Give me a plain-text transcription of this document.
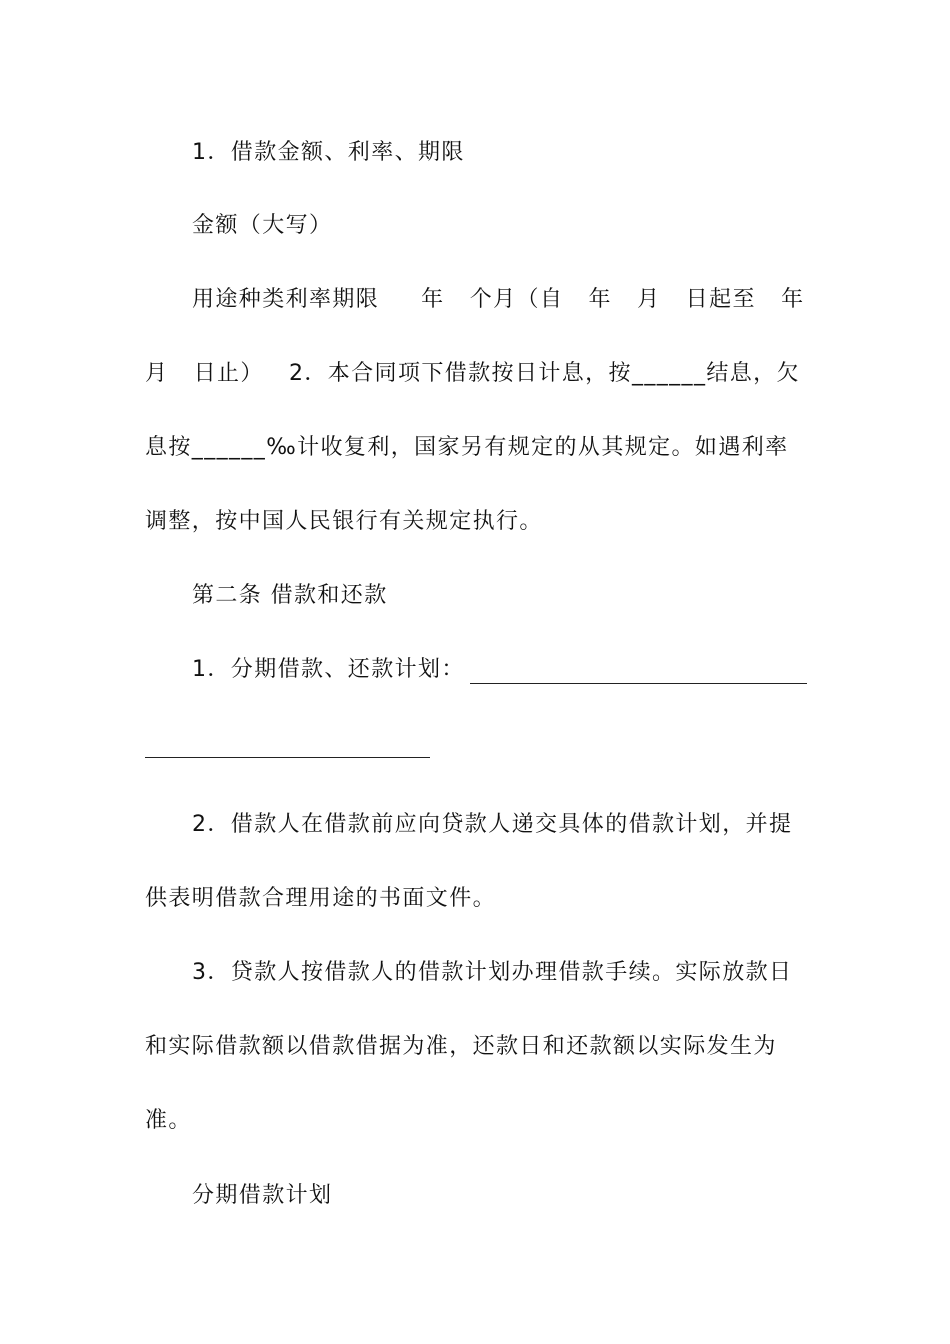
1．借款金额、利率、期限
金额（大写）
用途种类利率期限     年   个月（自   年   月   日起至   年
月   日止）   2．本合同项下借款按日计息，按______结息，欠
息按______‰计收复利，国家另有规定的从其规定。如遇利率
调整，按中国人民银行有关规定执行。
第二条 借款和还款
1．分期借款、还款计划：
2．借款人在借款前应向贷款人递交具体的借款计划，并提
供表明借款合理用途的书面文件。
3．贷款人按借款人的借款计划办理借款手续。实际放款日
和实际借款额以借款借据为准，还款日和还款额以实际发生为
准。
分期借款计划
